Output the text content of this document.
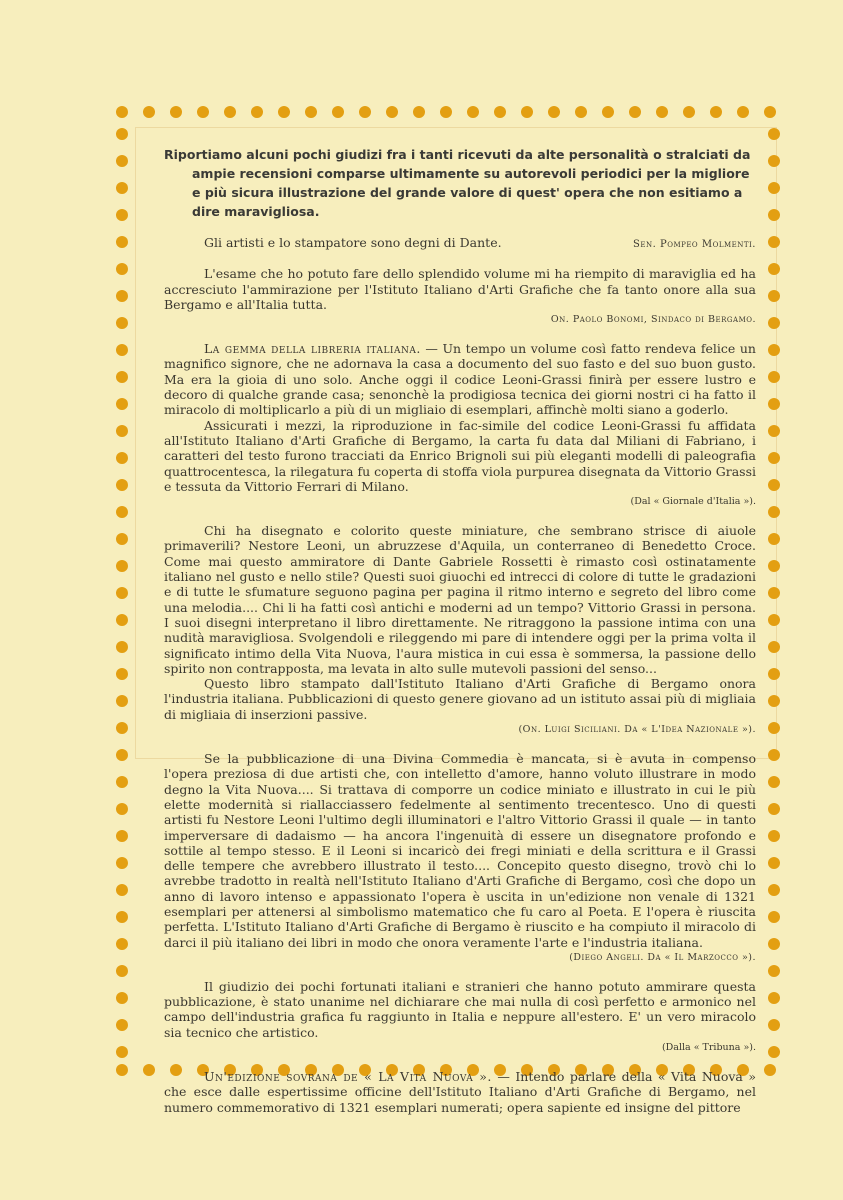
Riportiamo alcuni pochi giudizi fra i tanti ricevuti da alte personalità o stralciati da ampie recensioni comparse ultimamente su autorevoli periodici per la migliore e più sicura illustrazione del grande valore di quest' opera che non esitiamo a dire maravigliosa.

Gli artisti e lo stampatore sono degni di Dante.	Sen. Pompeo Molmenti.

L'esame che ho potuto fare dello splendido volume mi ha riempito di maraviglia ed ha accresciuto l'ammirazione per l'Istituto Italiano d'Arti Grafiche che fa tanto onore alla sua Bergamo e all'Italia tutta.

On. Paolo Bonomi, Sindaco di Bergamo.

La gemma della libreria italiana. — Un tempo un volume così fatto rendeva felice un magnifico signore, che ne adornava la casa a documento del suo fasto e del suo buon gusto. Ma era la gioia di uno solo. Anche oggi il codice Leoni-Grassi finirà per essere lustro e decoro di qualche grande casa; senonchè la prodigiosa tecnica dei giorni nostri ci ha fatto il miracolo di moltiplicarlo a più di un migliaio di esemplari, affinchè molti siano a goderlo.

Assicurati i mezzi, la riproduzione in fac-simile del codice Leoni-Grassi fu affidata all'Istituto Italiano d'Arti Grafiche di Bergamo, la carta fu data dal Miliani di Fabriano, i caratteri del testo furono tracciati da Enrico Brignoli sui più eleganti modelli di paleografia quattrocentesca, la rilegatura fu coperta di stoffa viola purpurea disegnata da Vittorio Grassi e tessuta da Vittorio Ferrari di Milano.

(Dal « Giornale d'Italia »).

Chi ha disegnato e colorito queste miniature, che sembrano strisce di aiuole primaverili? Nestore Leoni, un abruzzese d'Aquila, un conterraneo di Benedetto Croce. Come mai questo ammiratore di Dante Gabriele Rossetti è rimasto così ostinatamente italiano nel gusto e nello stile? Questi suoi giuochi ed intrecci di colore di tutte le gradazioni e di tutte le sfumature seguono pagina per pagina il ritmo interno e segreto del libro come una melodia.... Chi li ha fatti così antichi e moderni ad un tempo? Vittorio Grassi in persona. I suoi disegni interpretano il libro direttamente. Ne ritraggono la passione intima con una nudità maravigliosa. Svolgendoli e rileggendo mi pare di intendere oggi per la prima volta il significato intimo della Vita Nuova, l'aura mistica in cui essa è sommersa, la passione dello spirito non contrapposta, ma levata in alto sulle mutevoli passioni del senso...

Questo libro stampato dall'Istituto Italiano d'Arti Grafiche di Bergamo onora l'industria italiana. Pubblicazioni di questo genere giovano ad un istituto assai più di migliaia di migliaia di inserzioni passive.

(On. Luigi Siciliani. Da « L'Idea Nazionale »).

Se la pubblicazione di una Divina Commedia è mancata, si è avuta in compenso l'opera preziosa di due artisti che, con intelletto d'amore, hanno voluto illustrare in modo degno la Vita Nuova.... Si trattava di comporre un codice miniato e illustrato in cui le più elette modernità si riallacciassero fedelmente al sentimento trecentesco. Uno di questi artisti fu Nestore Leoni l'ultimo degli illuminatori e l'altro Vittorio Grassi il quale — in tanto imperversare di dadaismo — ha ancora l'ingenuità di essere un disegnatore profondo e sottile al tempo stesso. E il Leoni si incaricò dei fregi miniati e della scrittura e il Grassi delle tempere che avrebbero illustrato il testo.... Concepito questo disegno, trovò chi lo avrebbe tradotto in realtà nell'Istituto Italiano d'Arti Grafiche di Bergamo, così che dopo un anno di lavoro intenso e appassionato l'opera è uscita in un'edizione non venale di 1321 esemplari per attenersi al simbolismo matematico che fu caro al Poeta. E l'opera è riuscita perfetta. L'Istituto Italiano d'Arti Grafiche di Bergamo è riuscito e ha compiuto il miracolo di darci il più italiano dei libri in modo che onora veramente l'arte e l'industria italiana.

(Diego Angeli. Da « Il Marzocco »).

Il giudizio dei pochi fortunati italiani e stranieri che hanno potuto ammirare questa pubblicazione, è stato unanime nel dichiarare che mai nulla di così perfetto e armonico nel campo dell'industria grafica fu raggiunto in Italia e neppure all'estero. E' un vero miracolo sia tecnico che artistico.

(Dalla « Tribuna »).

Un'edizione sovrana de « La Vita Nuova ». — Intendo parlare della « Vita Nuova » che esce dalle espertissime officine dell'Istituto Italiano d'Arti Grafiche di Bergamo, nel numero commemorativo di 1321 esemplari numerati; opera sapiente ed insigne del pittore
